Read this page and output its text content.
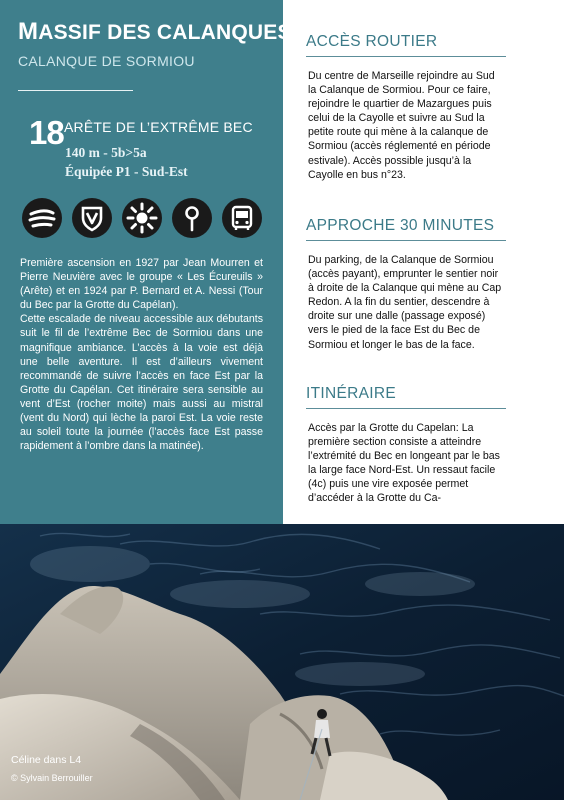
MASSIF DES CALANQUES
CALANQUE DE SORMIOU
18 ARÊTE DE L’EXTRÊME BEC
140 m - 5b>5a
Équipée P1 - Sud-Est

Première ascension en 1927 par Jean Mourren et Pierre Neuvière avec le groupe « Les Écureuils » (Arête) et en 1924 par P. Bernard et A. Nessi (Tour du Bec par la Grotte du Capélan).

Cette escalade de niveau accessible aux débutants suit le fil de l’extrême Bec de Sormiou dans une magnifique ambiance. L’accès à la voie est déjà une belle aventure. Il est d’ailleurs vivement recommandé de suivre l’accès en face Est par la Grotte du Capélan. Cet itinéraire sera sensible au vent d’Est (rocher moite) mais aussi au mistral (vent du Nord) qui lèche la paroi Est. La voie reste au soleil toute la journée (l’accès face Est passe rapidement à l’ombre dans la matinée).

ACCÈS ROUTIER
Du centre de Marseille rejoindre au Sud la Calanque de Sormiou. Pour ce faire, rejoindre le quartier de Mazargues puis celui de la Cayolle et suivre au Sud la petite route qui mène à la calanque de Sormiou (accès réglementé en période estivale). Accès possible jusqu’à la Cayolle en bus n°23.
APPROCHE 30 MINUTES
Du parking, de la Calanque de Sormiou (accès payant), emprunter le sentier noir à droite de la Calanque qui mène au Cap Redon. A la fin du sentier, descendre à droite sur une dalle (passage exposé) vers le pied de la face Est du Bec de Sormiou et longer le bas de la face.
ITINÉRAIRE
Accès par la Grotte du Capelan: La première section consiste a atteindre l’extrémité du Bec en longeant par le bas la large face Nord-Est. Un ressaut facile (4c) puis une vire exposée permet d’accéder à la Grotte du Ca-
Céline dans L4
© Sylvain Berrouiller
